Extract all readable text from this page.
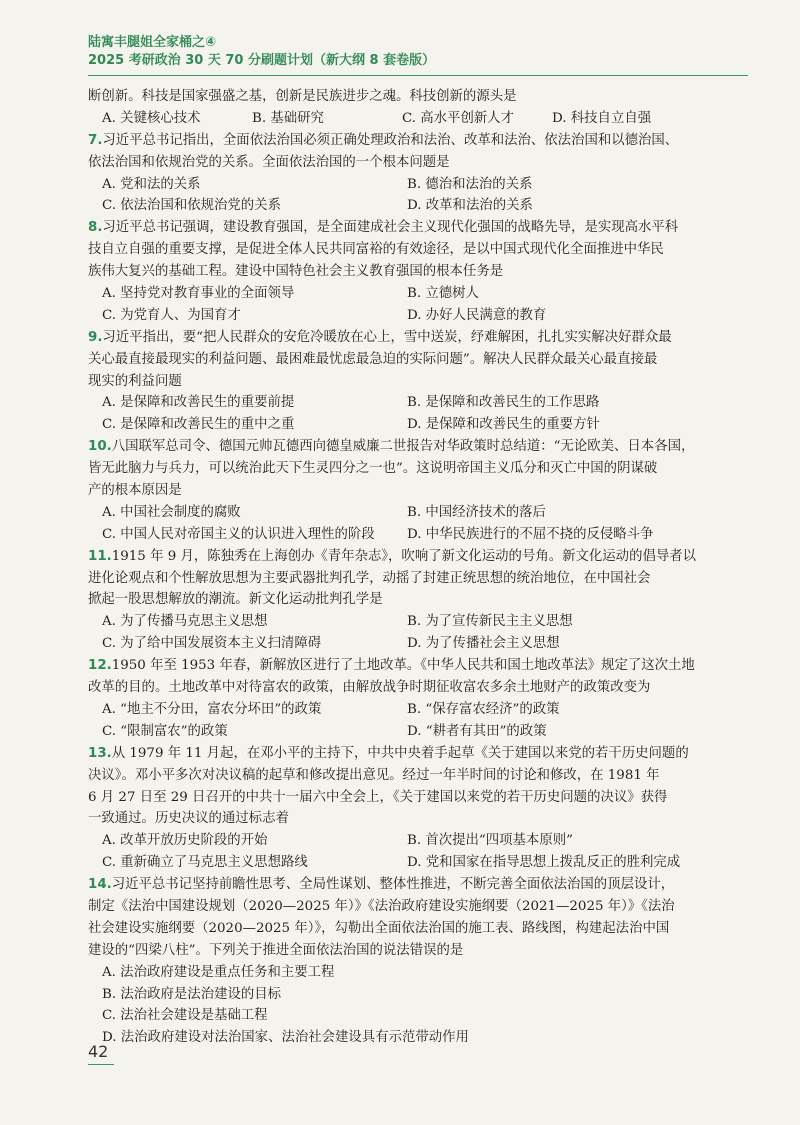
陆寓丰腿姐全家桶之④
2025 考研政治 30 天 70 分刷题计划（新大纲 8 套卷版）
断创新。科技是国家强盛之基，创新是民族进步之魂。科技创新的源头是
A. 关键核心技术	B. 基础研究	C. 高水平创新人才	D. 科技自立自强
7.习近平总书记指出，全面依法治国必须正确处理政治和法治、改革和法治、依法治国和以德治国、
依法治国和依规治党的关系。全面依法治国的一个根本问题是
A. 党和法的关系	B. 德治和法治的关系
C. 依法治国和依规治党的关系	D. 改革和法治的关系
8.习近平总书记强调，建设教育强国，是全面建成社会主义现代化强国的战略先导，是实现高水平科
技自立自强的重要支撑，是促进全体人民共同富裕的有效途径，是以中国式现代化全面推进中华民
族伟大复兴的基础工程。建设中国特色社会主义教育强国的根本任务是
A. 坚持党对教育事业的全面领导	B. 立德树人
C. 为党育人、为国育才	D. 办好人民满意的教育
9.习近平指出，要“把人民群众的安危冷暖放在心上，雪中送炭，纾难解困，扎扎实实解决好群众最
关心最直接最现实的利益问题、最困难最忧虑最急迫的实际问题”。解决人民群众最关心最直接最
现实的利益问题
A. 是保障和改善民生的重要前提	B. 是保障和改善民生的工作思路
C. 是保障和改善民生的重中之重	D. 是保障和改善民生的重要方针
10.八国联军总司令、德国元帅瓦德西向德皇威廉二世报告对华政策时总结道：“无论欧美、日本各国，
皆无此脑力与兵力，可以统治此天下生灵四分之一也”。这说明帝国主义瓜分和灭亡中国的阴谋破
产的根本原因是
A. 中国社会制度的腐败	B. 中国经济技术的落后
C. 中国人民对帝国主义的认识进入理性的阶段	D. 中华民族进行的不屈不挠的反侵略斗争
11.1915 年 9 月，陈独秀在上海创办《青年杂志》，吹响了新文化运动的号角。新文化运动的倡导者以
进化论观点和个性解放思想为主要武器批判孔学，动摇了封建正统思想的统治地位，在中国社会
掀起一股思想解放的潮流。新文化运动批判孔学是
A. 为了传播马克思主义思想	B. 为了宣传新民主主义思想
C. 为了给中国发展资本主义扫清障碍	D. 为了传播社会主义思想
12.1950 年至 1953 年春，新解放区进行了土地改革。《中华人民共和国土地改革法》规定了这次土地
改革的目的。土地改革中对待富农的政策，由解放战争时期征收富农多余土地财产的政策改变为
A. “地主不分田，富农分坏田”的政策	B. “保存富农经济”的政策
C. “限制富农”的政策	D. “耕者有其田”的政策
13.从 1979 年 11 月起，在邓小平的主持下，中共中央着手起草《关于建国以来党的若干历史问题的
决议》。邓小平多次对决议稿的起草和修改提出意见。经过一年半时间的讨论和修改，在 1981 年
6 月 27 日至 29 日召开的中共十一届六中全会上，《关于建国以来党的若干历史问题的决议》获得
一致通过。历史决议的通过标志着
A. 改革开放历史阶段的开始	B. 首次提出“四项基本原则”
C. 重新确立了马克思主义思想路线	D. 党和国家在指导思想上拨乱反正的胜利完成
14.习近平总书记坚持前瞻性思考、全局性谋划、整体性推进，不断完善全面依法治国的顶层设计，
制定《法治中国建设规划（2020—2025 年）》《法治政府建设实施纲要（2021—2025 年）》《法治
社会建设实施纲要（2020—2025 年）》，勾勒出全面依法治国的施工表、路线图，构建起法治中国
建设的“四梁八柱”。下列关于推进全面依法治国的说法错误的是
A. 法治政府建设是重点任务和主要工程
B. 法治政府是法治建设的目标
C. 法治社会建设是基础工程
D. 法治政府建设对法治国家、法治社会建设具有示范带动作用
42
